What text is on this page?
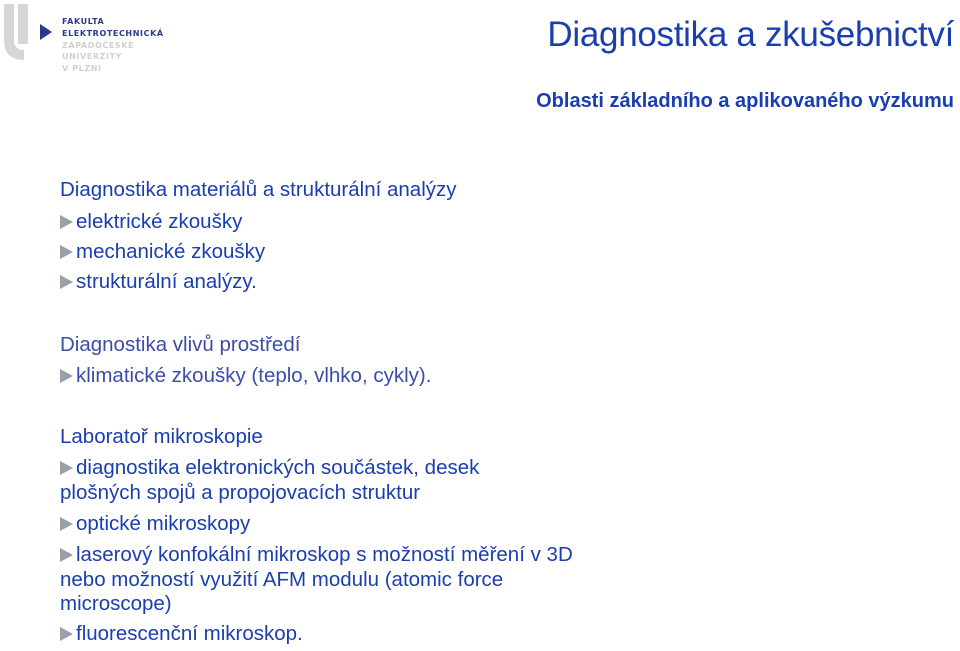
FAKULTA
ELEKTROTECHNICKÁ
ZÁPADOČESKÉ
UNIVERZITY
V PLZNI
Diagnostika a zkušebnictví
Oblasti základního a aplikovaného výzkumu
Diagnostika materiálů a strukturální analýzy
elektrické zkoušky
mechanické zkoušky
strukturální analýzy.
Diagnostika vlivů prostředí
klimatické zkoušky (teplo, vlhko, cykly).
Laboratoř mikroskopie
diagnostika elektronických součástek, desek plošných spojů a propojovacích struktur
optické mikroskopy
laserový konfokální mikroskop s možností měření v 3D nebo možností využití AFM modulu (atomic force microscope)
fluorescenční mikroskop.
